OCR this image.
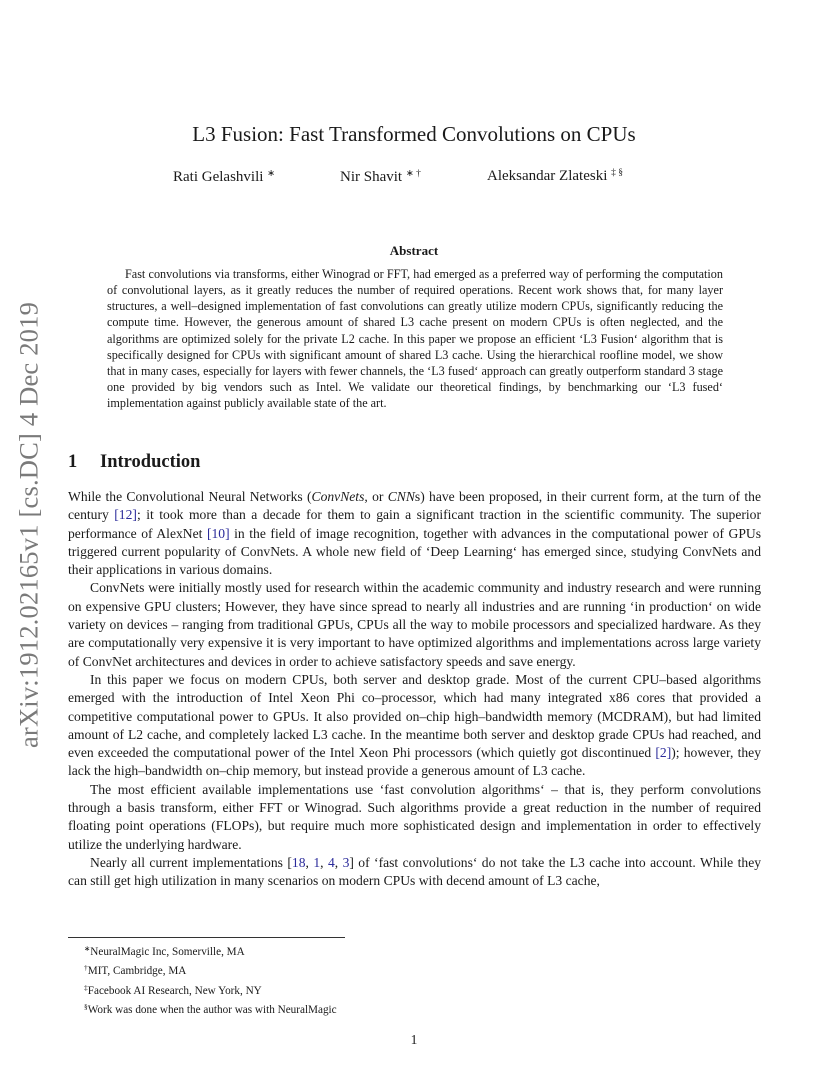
arXiv:1912.02165v1 [cs.DC] 4 Dec 2019
L3 Fusion: Fast Transformed Convolutions on CPUs
Rati Gelashvili ∗	Nir Shavit ∗ †	Aleksandar Zlateski ‡ §
Abstract

Fast convolutions via transforms, either Winograd or FFT, had emerged as a preferred way of performing the computation of convolutional layers, as it greatly reduces the number of required operations. Recent work shows that, for many layer structures, a well–designed implementation of fast convolutions can greatly utilize modern CPUs, significantly reducing the compute time. However, the generous amount of shared L3 cache present on modern CPUs is often neglected, and the algorithms are optimized solely for the private L2 cache. In this paper we propose an efficient ‘L3 Fusion‘ algorithm that is specifically designed for CPUs with significant amount of shared L3 cache. Using the hierarchical roofline model, we show that in many cases, especially for layers with fewer channels, the ‘L3 fused‘ approach can greatly outperform standard 3 stage one provided by big vendors such as Intel. We validate our theoretical findings, by benchmarking our ‘L3 fused‘ implementation against publicly available state of the art.

1 Introduction

While the Convolutional Neural Networks (ConvNets, or CNNs) have been proposed, in their current form, at the turn of the century [12]; it took more than a decade for them to gain a significant traction in the scientific community. The superior performance of AlexNet [10] in the field of image recognition, together with advances in the computational power of GPUs triggered current popularity of ConvNets. A whole new field of ‘Deep Learning‘ has emerged since, studying ConvNets and their applications in various domains.

ConvNets were initially mostly used for research within the academic community and industry research and were running on expensive GPU clusters; However, they have since spread to nearly all industries and are running ‘in production‘ on wide variety on devices – ranging from traditional GPUs, CPUs all the way to mobile processors and specialized hardware. As they are computationally very expensive it is very important to have optimized algorithms and implementations across large variety of ConvNet architectures and devices in order to achieve satisfactory speeds and save energy.

In this paper we focus on modern CPUs, both server and desktop grade. Most of the current CPU–based algorithms emerged with the introduction of Intel Xeon Phi co–processor, which had many integrated x86 cores that provided a competitive computational power to GPUs. It also provided on–chip high–bandwidth memory (MCDRAM), but had limited amount of L2 cache, and completely lacked L3 cache. In the meantime both server and desktop grade CPUs had reached, and even exceeded the computational power of the Intel Xeon Phi processors (which quietly got discontinued [2]); however, they lack the high–bandwidth on–chip memory, but instead provide a generous amount of L3 cache.

The most efficient available implementations use ‘fast convolution algorithms‘ – that is, they perform convolutions through a basis transform, either FFT or Winograd. Such algorithms provide a great reduction in the number of required floating point operations (FLOPs), but require much more sophisticated design and implementation in order to effectively utilize the underlying hardware.

Nearly all current implementations [18, 1, 4, 3] of ‘fast convolutions‘ do not take the L3 cache into account. While they can still get high utilization in many scenarios on modern CPUs with decend amount of L3 cache,

∗NeuralMagic Inc, Somerville, MA
†MIT, Cambridge, MA
‡Facebook AI Research, New York, NY
§Work was done when the author was with NeuralMagic
1
